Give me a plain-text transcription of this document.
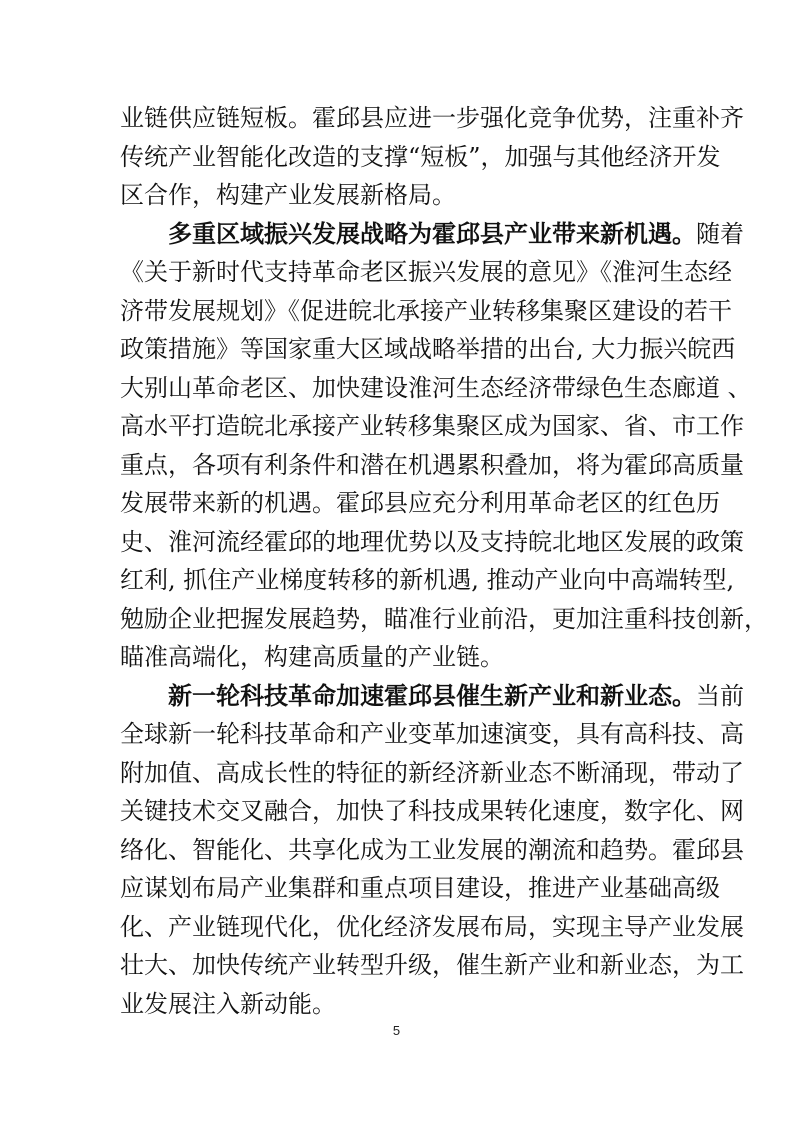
业链供应链短板。霍邱县应进一步强化竞争优势，注重补齐
传统产业智能化改造的支撑“短板”，加强与其他经济开发
区合作，构建产业发展新格局。
多重区域振兴发展战略为霍邱县产业带来新机遇。随着
《关于新时代支持革命老区振兴发展的意见》《淮河生态经
济带发展规划》《促进皖北承接产业转移集聚区建设的若干
政策措施》等国家重大区域战略举措的出台, 大力振兴皖西
大别山革命老区、加快建设淮河生态经济带绿色生态廊道 、
高水平打造皖北承接产业转移集聚区成为国家、省、市工作
重点，各项有利条件和潜在机遇累积叠加，将为霍邱高质量
发展带来新的机遇。霍邱县应充分利用革命老区的红色历
史、淮河流经霍邱的地理优势以及支持皖北地区发展的政策
红利, 抓住产业梯度转移的新机遇, 推动产业向中高端转型,
勉励企业把握发展趋势，瞄准行业前沿，更加注重科技创新，
瞄准高端化，构建高质量的产业链。
新一轮科技革命加速霍邱县催生新产业和新业态。当前
全球新一轮科技革命和产业变革加速演变，具有高科技、高
附加值、高成长性的特征的新经济新业态不断涌现，带动了
关键技术交叉融合，加快了科技成果转化速度，数字化、网
络化、智能化、共享化成为工业发展的潮流和趋势。霍邱县
应谋划布局产业集群和重点项目建设，推进产业基础高级
化、产业链现代化，优化经济发展布局，实现主导产业发展
壮大、加快传统产业转型升级，催生新产业和新业态，为工
业发展注入新动能。
5
